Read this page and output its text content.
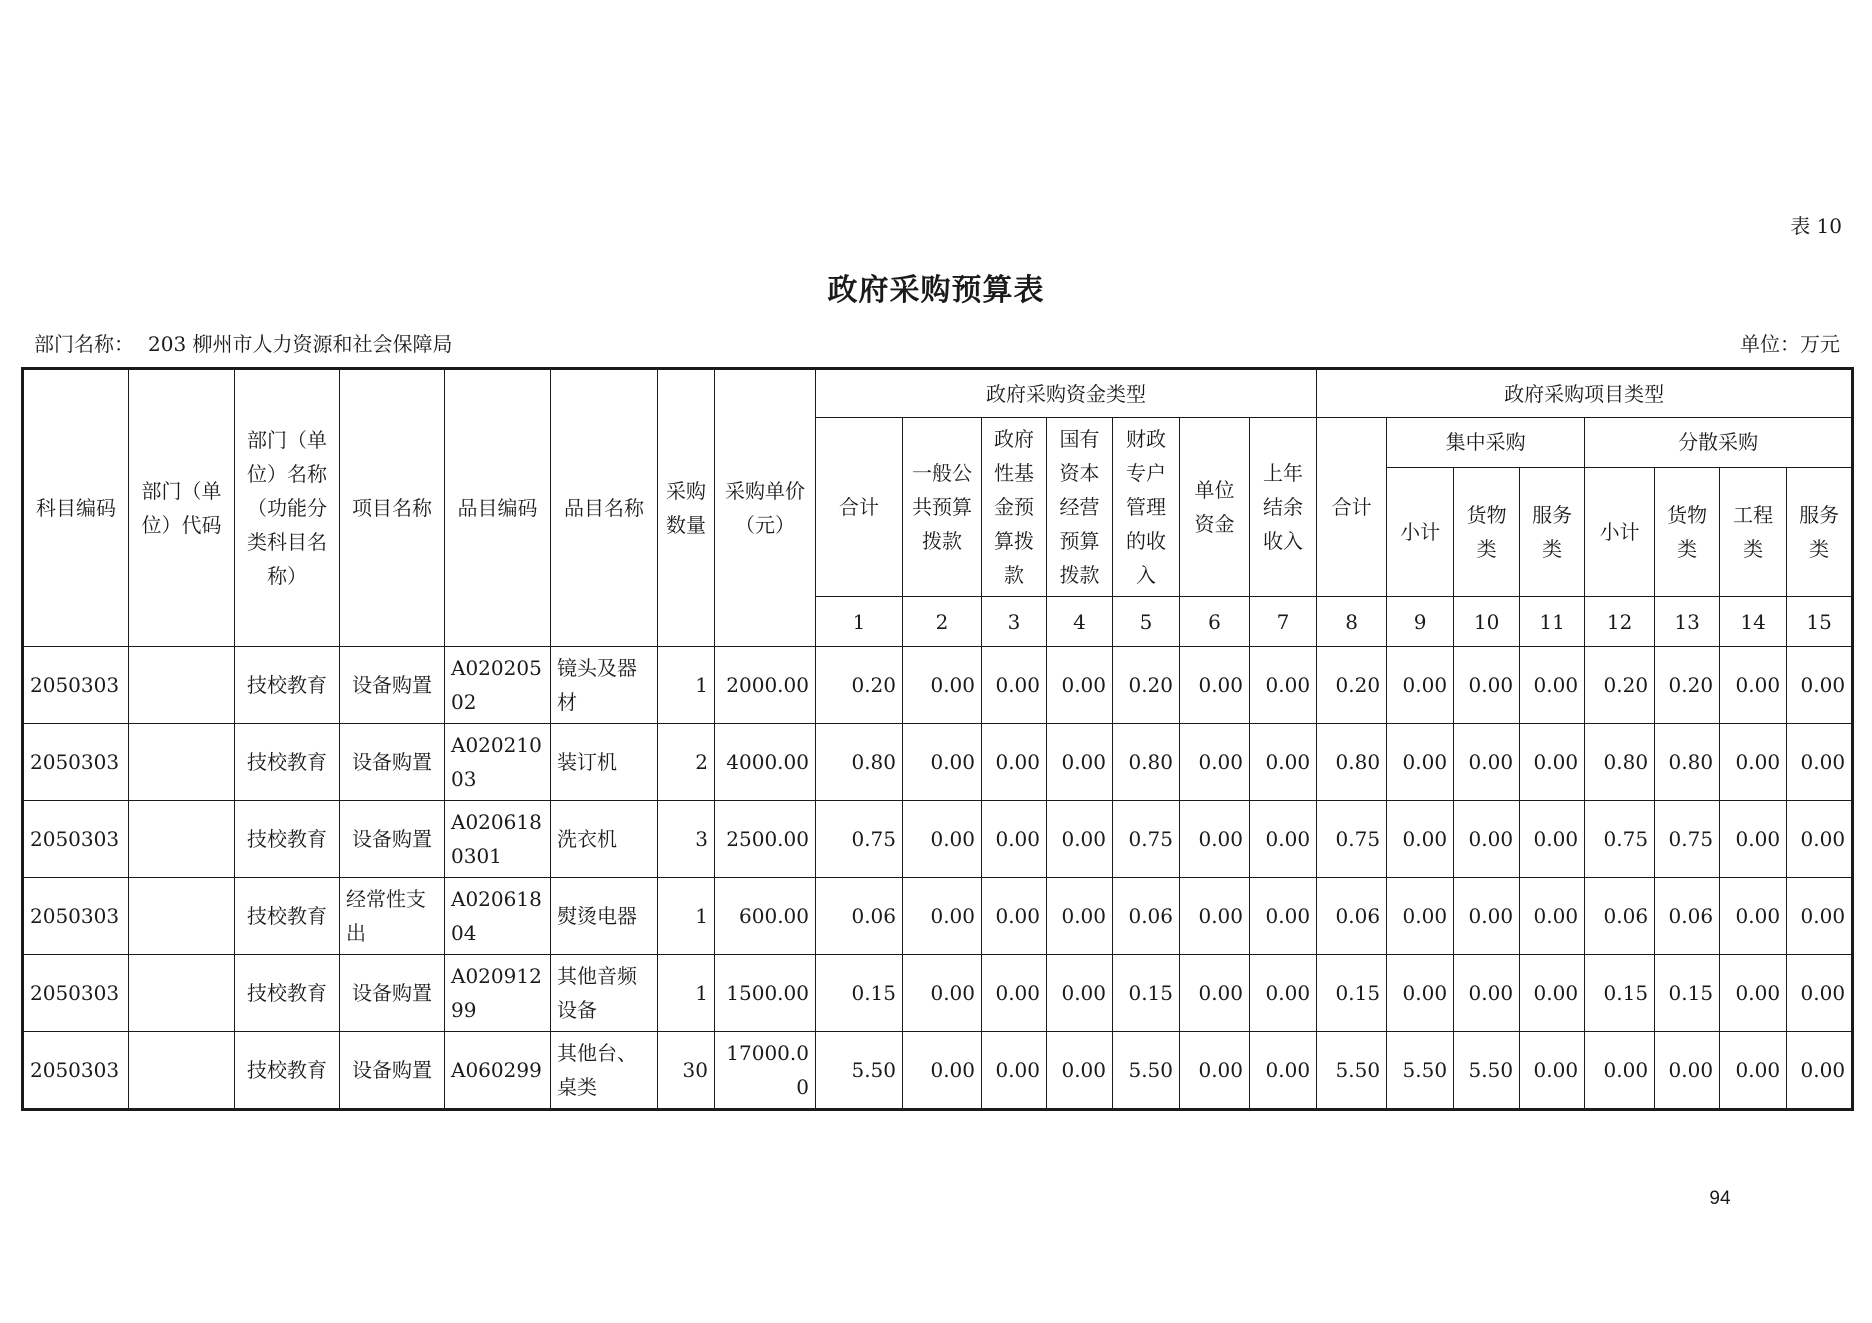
表 10
政府采购预算表
部门名称： 203 柳州市人力资源和社会保障局	单位：万元
科目编码	部门（单位）代码	部门（单位）名称（功能分类科目名称）	项目名称	品目编码	品目名称	采购数量	采购单价（元）	政府采购资金类型							政府采购项目类型							
								合计	一般公共预算拨款	政府性基金预算拨款	国有资本经营预算拨款	财政专户管理的收入	单位资金	上年结余收入	合计	集中采购			分散采购			
																小计	货物类	服务类	小计	货物类	工程类	服务类
								1	2	3	4	5	6	7	8	9	10	11	12	13	14	15
2050303		技校教育	设备购置	A02020502	镜头及器材	1	2000.00	0.20	0.00	0.00	0.00	0.20	0.00	0.00	0.20	0.00	0.00	0.00	0.20	0.20	0.00	0.00
2050303		技校教育	设备购置	A02021003	装订机	2	4000.00	0.80	0.00	0.00	0.00	0.80	0.00	0.00	0.80	0.00	0.00	0.00	0.80	0.80	0.00	0.00
2050303		技校教育	设备购置	A0206180301	洗衣机	3	2500.00	0.75	0.00	0.00	0.00	0.75	0.00	0.00	0.75	0.00	0.00	0.00	0.75	0.75	0.00	0.00
2050303		技校教育	经常性支出	A02061804	熨烫电器	1	600.00	0.06	0.00	0.00	0.00	0.06	0.00	0.00	0.06	0.00	0.00	0.00	0.06	0.06	0.00	0.00
2050303		技校教育	设备购置	A02091299	其他音频设备	1	1500.00	0.15	0.00	0.00	0.00	0.15	0.00	0.00	0.15	0.00	0.00	0.00	0.15	0.15	0.00	0.00
2050303		技校教育	设备购置	A060299	其他台、桌类	30	17000.00	5.50	0.00	0.00	0.00	5.50	0.00	0.00	5.50	5.50	5.50	0.00	0.00	0.00	0.00	0.00
94
